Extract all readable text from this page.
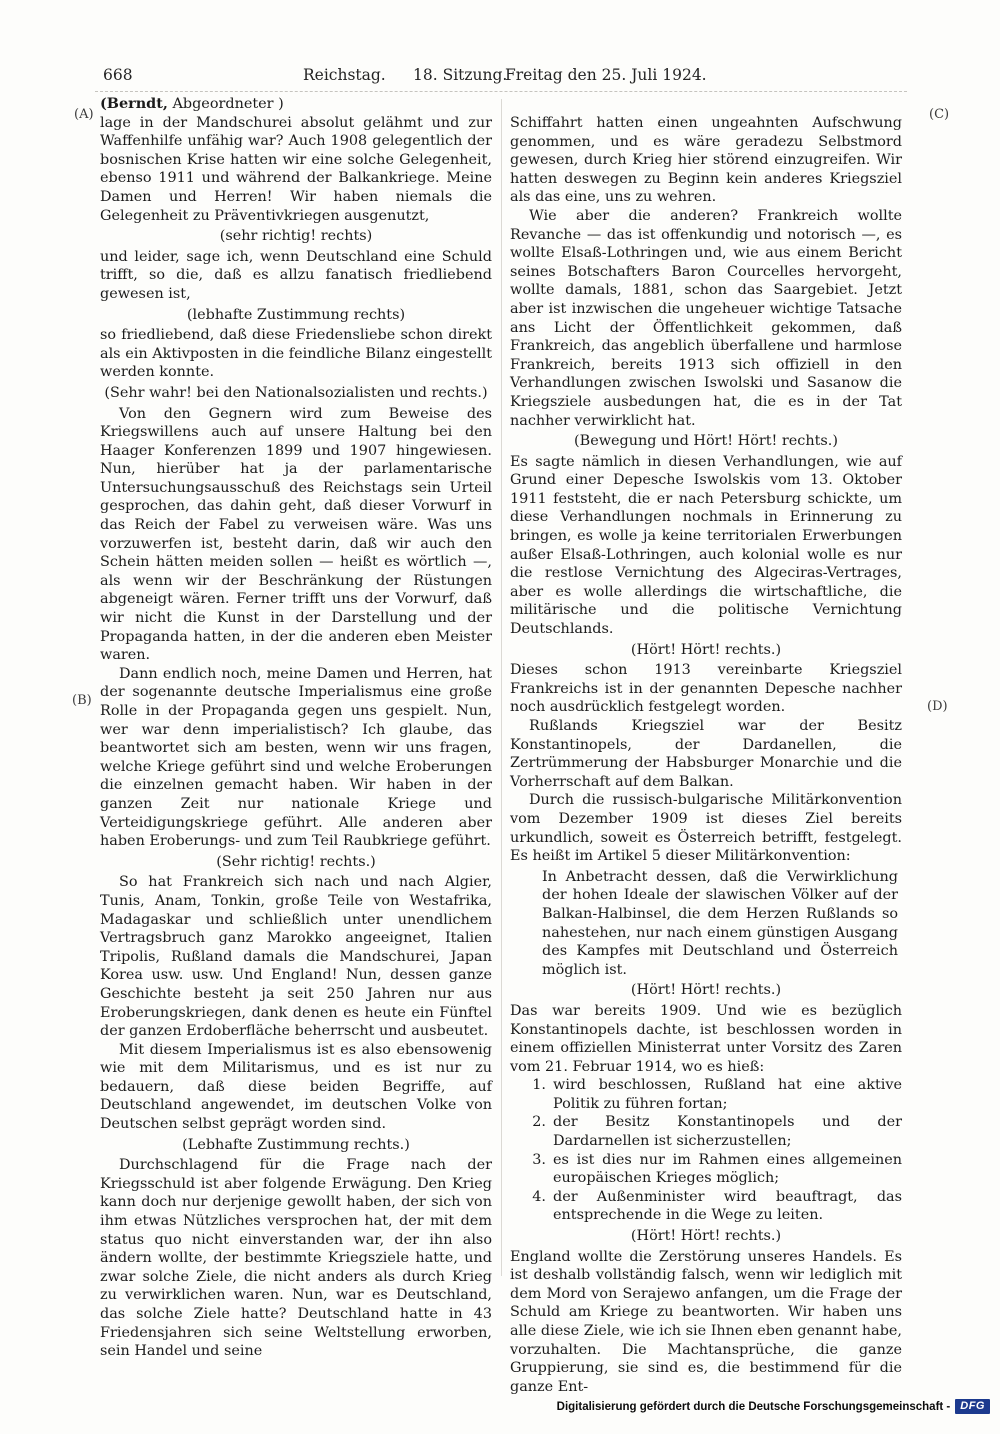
668	Reichstag. 18. Sitzung.
Freitag den 25. Juli 1924.
(A)
(B)
(C)
(D)

(Berndt, Abgeordneter )

lage in der Mandschurei absolut gelähmt und zur Waffenhilfe unfähig war? Auch 1908 gelegentlich der bosnischen Krise hatten wir eine solche Gelegenheit, ebenso 1911 und während der Balkankriege. Meine Damen und Herren! Wir haben niemals die Gelegenheit zu Präventivkriegen ausgenutzt,

(sehr richtig! rechts)

und leider, sage ich, wenn Deutschland eine Schuld trifft, so die, daß es allzu fanatisch friedliebend gewesen ist,

(lebhafte Zustimmung rechts)

so friedliebend, daß diese Friedensliebe schon direkt als ein Aktivposten in die feindliche Bilanz eingestellt werden konnte.

(Sehr wahr! bei den Nationalsozialisten und rechts.)

Von den Gegnern wird zum Beweise des Kriegswillens auch auf unsere Haltung bei den Haager Konferenzen 1899 und 1907 hingewiesen. Nun, hierüber hat ja der parlamentarische Untersuchungsausschuß des Reichstags sein Urteil gesprochen, das dahin geht, daß dieser Vorwurf in das Reich der Fabel zu verweisen wäre. Was uns vorzuwerfen ist, besteht darin, daß wir auch den Schein hätten meiden sollen — heißt es wörtlich —, als wenn wir der Beschränkung der Rüstungen abgeneigt wären. Ferner trifft uns der Vorwurf, daß wir nicht die Kunst in der Darstellung und der Propaganda hatten, in der die anderen eben Meister waren.

Dann endlich noch, meine Damen und Herren, hat der sogenannte deutsche Imperialismus eine große Rolle in der Propaganda gegen uns gespielt. Nun, wer war denn imperialistisch? Ich glaube, das beantwortet sich am besten, wenn wir uns fragen, welche Kriege geführt sind und welche Eroberungen die einzelnen gemacht haben. Wir haben in der ganzen Zeit nur nationale Kriege und Verteidigungskriege geführt. Alle anderen aber haben Eroberungs- und zum Teil Raubkriege geführt.

(Sehr richtig! rechts.)

So hat Frankreich sich nach und nach Algier, Tunis, Anam, Tonkin, große Teile von Westafrika, Madagaskar und schließlich unter unendlichem Vertragsbruch ganz Marokko angeeignet, Italien Tripolis, Rußland damals die Mandschurei, Japan Korea usw. usw. Und England! Nun, dessen ganze Geschichte besteht ja seit 250 Jahren nur aus Eroberungskriegen, dank denen es heute ein Fünftel der ganzen Erdoberfläche beherrscht und ausbeutet.

Mit diesem Imperialismus ist es also ebensowenig wie mit dem Militarismus, und es ist nur zu bedauern, daß diese beiden Begriffe, auf Deutschland angewendet, im deutschen Volke von Deutschen selbst geprägt worden sind.

(Lebhafte Zustimmung rechts.)

Durchschlagend für die Frage nach der Kriegsschuld ist aber folgende Erwägung. Den Krieg kann doch nur derjenige gewollt haben, der sich von ihm etwas Nützliches versprochen hat, der mit dem status quo nicht einverstanden war, der ihn also ändern wollte, der bestimmte Kriegsziele hatte, und zwar solche Ziele, die nicht anders als durch Krieg zu verwirklichen waren. Nun, war es Deutschland, das solche Ziele hatte? Deutschland hatte in 43 Friedensjahren sich seine Weltstellung erworben, sein Handel und seine

Schiffahrt hatten einen ungeahnten Aufschwung genommen, und es wäre geradezu Selbstmord gewesen, durch Krieg hier störend einzugreifen. Wir hatten deswegen zu Beginn kein anderes Kriegsziel als das eine, uns zu wehren.

Wie aber die anderen? Frankreich wollte Revanche — das ist offenkundig und notorisch —, es wollte Elsaß-Lothringen und, wie aus einem Bericht seines Botschafters Baron Courcelles hervorgeht, wollte damals, 1881, schon das Saargebiet. Jetzt aber ist inzwischen die ungeheuer wichtige Tatsache ans Licht der Öffentlichkeit gekommen, daß Frankreich, das angeblich überfallene und harmlose Frankreich, bereits 1913 sich offiziell in den Verhandlungen zwischen Iswolski und Sasanow die Kriegsziele ausbedungen hat, die es in der Tat nachher verwirklicht hat.

(Bewegung und Hört! Hört! rechts.)

Es sagte nämlich in diesen Verhandlungen, wie auf Grund einer Depesche Iswolskis vom 13. Oktober 1911 feststeht, die er nach Petersburg schickte, um diese Verhandlungen nochmals in Erinnerung zu bringen, es wolle ja keine territorialen Erwerbungen außer Elsaß-Lothringen, auch kolonial wolle es nur die restlose Vernichtung des Algeciras-Vertrages, aber es wolle allerdings die wirtschaftliche, die militärische und die politische Vernichtung Deutschlands.

(Hört! Hört! rechts.)

Dieses schon 1913 vereinbarte Kriegsziel Frankreichs ist in der genannten Depesche nachher noch ausdrücklich festgelegt worden.

Rußlands Kriegsziel war der Besitz Konstantinopels, der Dardanellen, die Zertrümmerung der Habsburger Monarchie und die Vorherrschaft auf dem Balkan.

Durch die russisch-bulgarische Militärkonvention vom Dezember 1909 ist dieses Ziel bereits urkundlich, soweit es Österreich betrifft, festgelegt. Es heißt im Artikel 5 dieser Militärkonvention:

In Anbetracht dessen, daß die Verwirklichung der hohen Ideale der slawischen Völker auf der Balkan-Halbinsel, die dem Herzen Rußlands so nahestehen, nur nach einem günstigen Ausgang des Kampfes mit Deutschland und Österreich möglich ist.

(Hört! Hört! rechts.)

Das war bereits 1909. Und wie es bezüglich Konstantinopels dachte, ist beschlossen worden in einem offiziellen Ministerrat unter Vorsitz des Zaren vom 21. Februar 1914, wo es hieß:

1. wird beschlossen, Rußland hat eine aktive Politik zu führen fortan;
2. der Besitz Konstantinopels und der Dardarnellen ist sicherzustellen;
3. es ist dies nur im Rahmen eines allgemeinen europäischen Krieges möglich;
4. der Außenminister wird beauftragt, das entsprechende in die Wege zu leiten.

(Hört! Hört! rechts.)

England wollte die Zerstörung unseres Handels. Es ist deshalb vollständig falsch, wenn wir lediglich mit dem Mord von Serajewo anfangen, um die Frage der Schuld am Kriege zu beantworten. Wir haben uns alle diese Ziele, wie ich sie Ihnen eben genannt habe, vorzuhalten. Die Machtansprüche, die ganze Gruppierung, sie sind es, die bestimmend für die ganze Ent-

Digitalisierung gefördert durch die Deutsche Forschungsgemeinschaft - DFG
